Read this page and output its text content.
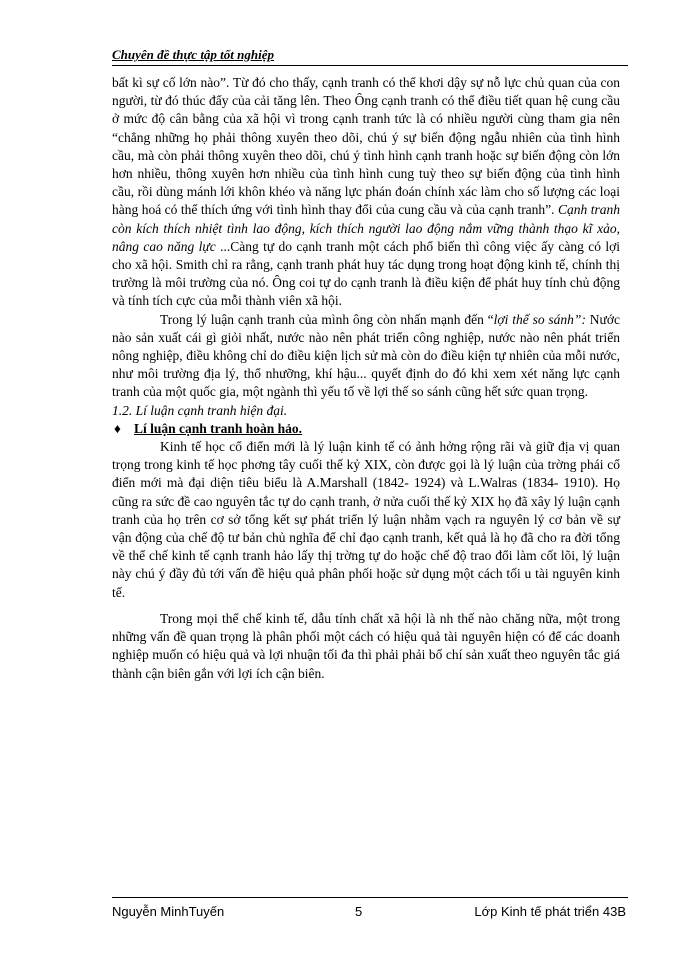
Chuyên đề thực tập tốt nghiệp

bất kì sự cố lớn nào”. Từ đó cho thấy, cạnh tranh có thể khơi dậy sự nỗ lực chủ quan của con người, từ đó thúc đẩy của cải tăng lên. Theo Ông cạnh tranh có thể điều tiết quan hệ cung cầu ở mức độ cân bằng của xã hội vì trong cạnh tranh tức là có nhiều người cùng tham gia nên “chẳng những họ phải thông xuyên theo dõi, chú ý sự biến động ngẫu nhiên của tình hình cầu, mà còn phải thông xuyên theo dõi, chú ý tình hình cạnh tranh hoặc sự biến động còn lớn hơn nhiều, thông xuyên hơn nhiều của tình hình cung tuỳ theo sự biến động của tình hình cầu, rồi dùng mánh lới khôn khéo và năng lực phán đoán chính xác làm cho số lượng các loại hàng hoá có thể thích ứng với tình hình thay đổi của cung cầu và của cạnh tranh”. Cạnh tranh còn kích thích nhiệt tình lao động, kích thích người lao động nắm vững thành thạo kĩ xảo, nâng cao năng lực ...Càng tự do cạnh tranh một cách phổ biến thì công việc ấy càng có lợi cho xã hội. Smith chỉ ra rằng, cạnh tranh phát huy tác dụng trong hoạt động kinh tế, chính thị trường là môi trường của nó. Ông coi tự do cạnh tranh là điều kiện để phát huy tính chủ động và tính tích cực của mỗi thành viên xã hội.

Trong lý luận cạnh tranh của mình ông còn nhấn mạnh đến “lợi thế so sánh”: Nước nào sản xuất cái gì giỏi nhất, nước nào nên phát triển công nghiệp, nước nào nên phát triển nông nghiệp, điều không chỉ do điều kiện lịch sử mà còn do điều kiện tự nhiên của mỗi nước, như môi trường địa lý, thổ nhưỡng, khí hậu... quyết định do đó khi xem xét năng lực cạnh tranh của một quốc gia, một ngành thì yếu tố về lợi thế so sánh cũng hết sức quan trọng.

1.2. Lí luận cạnh tranh hiện đại.

♦ Lí luận cạnh tranh hoàn hảo.

Kinh tế học cổ điển mới là lý luận kinh tế có ảnh hởng rộng rãi và giữ địa vị quan trọng trong kinh tế học phơng tây cuối thế kỷ XIX, còn được gọi là lý luận của trờng phái cổ điển mới mà đại diện tiêu biểu là A.Marshall (1842- 1924) và L.Walras (1834- 1910). Họ cũng ra sức đề cao nguyên tắc tự do cạnh tranh, ở nửa cuối thế kỷ XIX họ đã xây lý luận cạnh tranh của họ trên cơ sở tổng kết sự phát triển lý luận nhằm vạch ra nguyên lý cơ bản về sự vận động của chế độ tư bản chủ nghĩa để chỉ đạo cạnh tranh, kết quả là họ đã cho ra đời tổng về thể chế kinh tế cạnh tranh hảo lấy thị trờng tự do hoặc chế độ trao đổi làm cốt lõi, lý luận này chú ý đầy đủ tới vấn đề hiệu quả phân phối hoặc sử dụng một cách tối u tài nguyên kinh tế.

Trong mọi thể chế kinh tế, dẫu tính chất xã hội là nh thế nào chăng nữa, một trong những vấn đề quan trọng là phân phối một cách có hiệu quả tài nguyên hiện có để các doanh nghiệp muốn có hiệu quả và lợi nhuận tối đa thì phải phải bố chí sản xuất theo nguyên tắc giá thành cận biên gắn với lợi ích cận biên.

Nguyễn MinhTuyến	5	Lớp Kinh tế phát triển 43B
